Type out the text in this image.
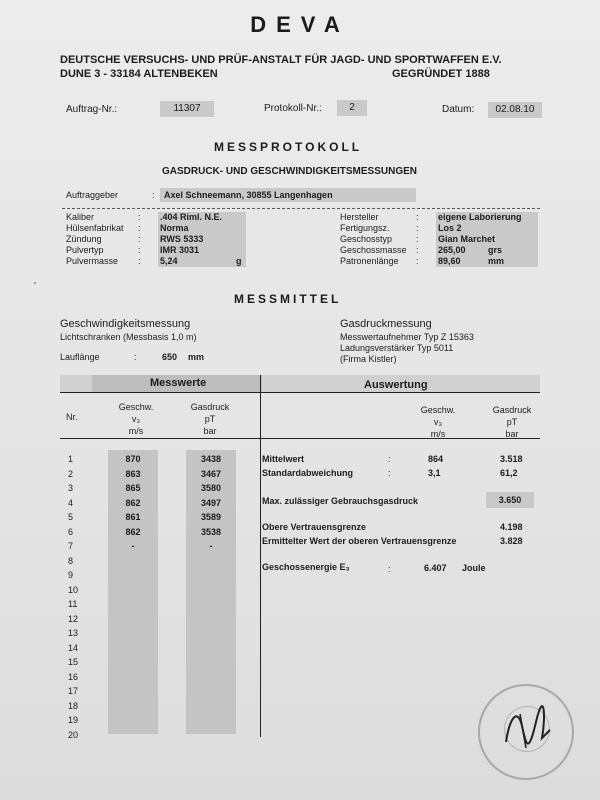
DEVA
DEUTSCHE VERSUCHS- UND PRÜF-ANSTALT FÜR JAGD- UND SPORTWAFFEN E.V.
DUNE 3 - 33184 ALTENBEKEN	GEGRÜNDET 1888
Auftrag-Nr.:	11307	Protokoll-Nr.:	2	Datum:	02.08.10
MESSPROTOKOLL
GASDRUCK- UND GESCHWINDIGKEITSMESSUNGEN
Auftraggeber	:	Axel Schneemann, 30855 Langenhagen
Kaliber	: .404 Riml. N.E.
Hülsenfabrikat : Norma
Zündung	: RWS 5333
Pulvertyp	: IMR 3031
Pulvermasse : 5,24	g
Hersteller	: eigene Laborierung
Fertigungsz.	: Los 2
Geschosstyp	: Gian Marchet
Geschossmasse : 265,00	grs
Patronenlänge : 89,60	mm
MESSMITTEL
Geschwindigkeitsmessung
Lichtschranken (Messbasis 1,0 m)
Lauflänge	:	650 mm
Gasdruckmessung
Messwertaufnehmer Typ Z 15363
Ladungsverstärker Typ 5011
(Firma Kistler)
Messwerte	Auswertung
Nr.
Geschw.
v₃
m/s
Gasdruck
pT
bar
Geschw.
v₃
m/s
Gasdruck
pT
bar
1	870	3438
2	863	3467
3	865	3580
4	862	3497
5	861	3589
6	862	3538
7	-	-
8
9
10
11
12
13
14
15
16
17
18
19
20
Mittelwert	:	864	3.518
Standardabweichung	:	3,1	61,2
Max. zulässiger Gebrauchsgasdruck	3.650
Obere Vertrauensgrenze	4.198
Ermittelter Wert der oberen Vertrauensgrenze	3.828
Geschossenergie E₃	:	6.407 Joule
